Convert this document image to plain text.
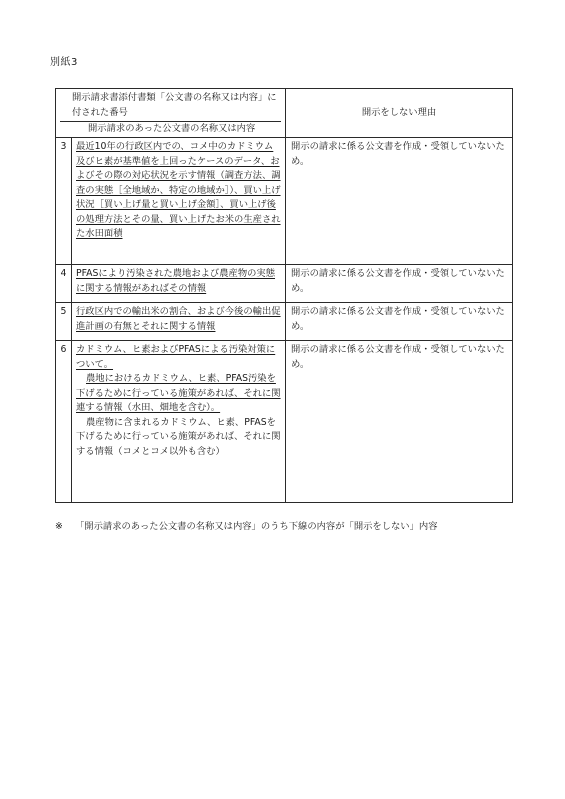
別紙3
開示請求書添付書類「公文書の名称又は内容」に付された番号
開示請求のあった公文書の名称又は内容		開示をしない理由
3	最近10年の行政区内での、コメ中のカドミウム及びヒ素が基準値を上回ったケースのデータ、およびその際の対応状況を示す情報（調査方法、調査の実態［全地域か、特定の地域か］）、買い上げ状況［買い上げ量と買い上げ金額］、買い上げ後の処理方法とその量、買い上げたお米の生産された水田面積	開示の請求に係る公文書を作成・受領していないため。
4	PFASにより汚染された農地および農産物の実態に関する情報があればその情報	開示の請求に係る公文書を作成・受領していないため。
5	行政区内での輸出米の割合、および今後の輸出促進計画の有無とそれに関する情報	開示の請求に係る公文書を作成・受領していないため。
6	カドミウム、ヒ素およびPFASによる汚染対策について。
農地におけるカドミウム、ヒ素、PFAS汚染を下げるために行っている施策があれば、それに関連する情報（水田、畑地を含む）。
農産物に含まれるカドミウム、ヒ素、PFASを下げるために行っている施策があれば、それに関する情報（コメとコメ以外も含む）	開示の請求に係る公文書を作成・受領していないため。
※ 「開示請求のあった公文書の名称又は内容」のうち下線の内容が「開示をしない」内容
